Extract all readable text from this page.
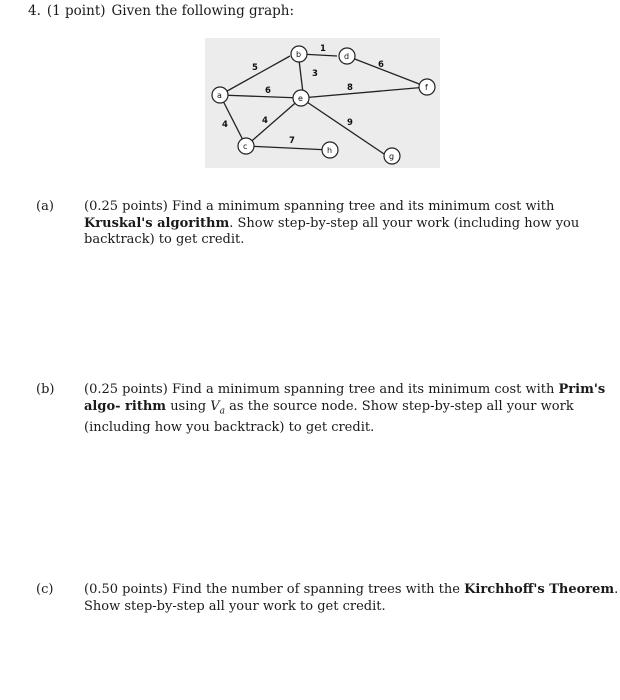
4. (1 point) Given the following graph:
5
6
4
1
3
4
7
6
8
9
a
b
c
d
e
f
g
h
(a) (0.25 points) Find a minimum spanning tree and its minimum cost with Kruskal's algorithm. Show step-by-step all your work (including how you backtrack) to get credit.
(b) (0.25 points) Find a minimum spanning tree and its minimum cost with Prim's algo- rithm using $V_a$ as the source node. Show step-by-step all your work (including how you backtrack) to get credit.
(c) (0.50 points) Find the number of spanning trees with the Kirchhoff's Theorem. Show step-by-step all your work to get credit.
